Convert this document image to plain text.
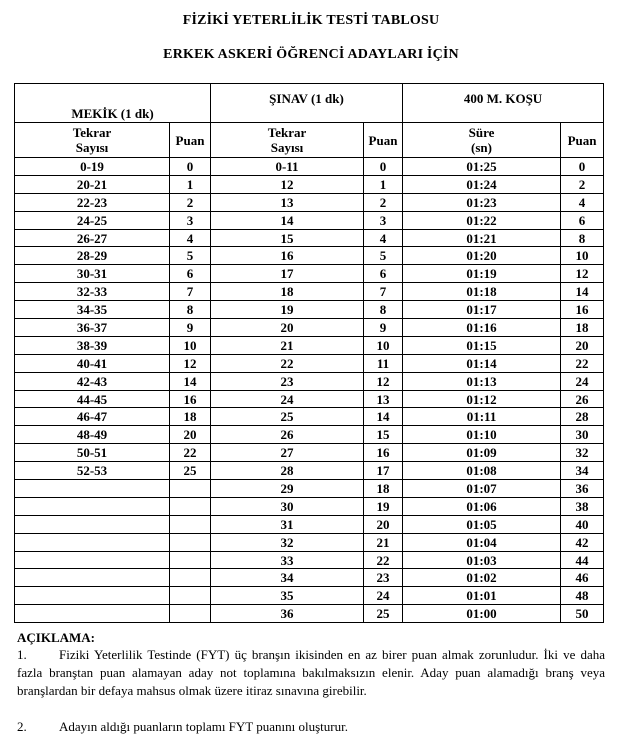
FİZİKİ YETERLİLİK TESTİ TABLOSU
ERKEK ASKERİ ÖĞRENCİ ADAYLARI İÇİN
MEKİK (1 dk)		ŞINAV (1 dk)		400 M. KOŞU	
Tekrar
Sayısı	Puan	Tekrar
Sayısı	Puan	Süre
(sn)	Puan
0-19	0	0-11	0	01:25	0
20-21	1	12	1	01:24	2
22-23	2	13	2	01:23	4
24-25	3	14	3	01:22	6
26-27	4	15	4	01:21	8
28-29	5	16	5	01:20	10
30-31	6	17	6	01:19	12
32-33	7	18	7	01:18	14
34-35	8	19	8	01:17	16
36-37	9	20	9	01:16	18
38-39	10	21	10	01:15	20
40-41	12	22	11	01:14	22
42-43	14	23	12	01:13	24
44-45	16	24	13	01:12	26
46-47	18	25	14	01:11	28
48-49	20	26	15	01:10	30
50-51	22	27	16	01:09	32
52-53	25	28	17	01:08	34
		29	18	01:07	36
		30	19	01:06	38
		31	20	01:05	40
		32	21	01:04	42
		33	22	01:03	44
		34	23	01:02	46
		35	24	01:01	48
		36	25	01:00	50
AÇIKLAMA:
1. Fiziki Yeterlilik Testinde (FYT) üç branşın ikisinden en az birer puan almak zorunludur. İki ve daha fazla branştan puan alamayan aday not toplamına bakılmaksızın elenir. Aday puan alamadığı branş veya branşlardan bir defaya mahsus olmak üzere itiraz sınavına girebilir.
2. Adayın aldığı puanların toplamı FYT puanını oluşturur.
